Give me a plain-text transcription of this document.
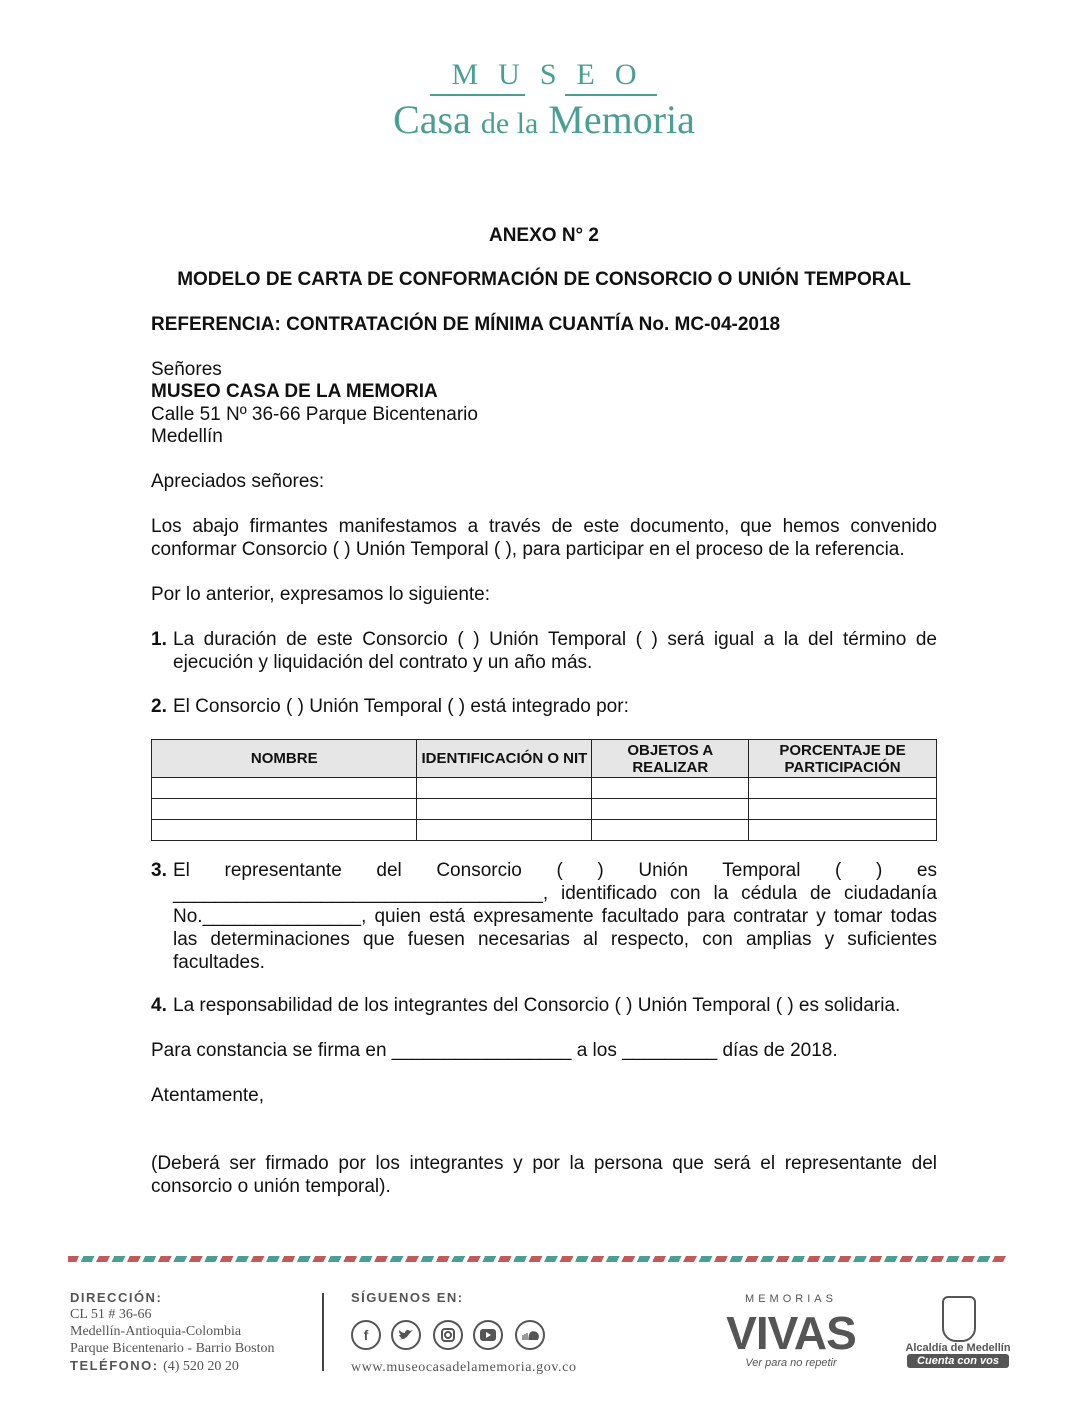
MUSEO
Casa de la Memoria
ANEXO N° 2
MODELO DE CARTA DE CONFORMACIÓN DE CONSORCIO O UNIÓN TEMPORAL
REFERENCIA: CONTRATACIÓN DE MÍNIMA CUANTÍA No. MC-04-2018
Señores
MUSEO CASA DE LA MEMORIA
Calle 51 Nº 36-66 Parque Bicentenario
Medellín
Apreciados señores:
Los abajo firmantes manifestamos a través de este documento, que hemos convenido conformar Consorcio ( ) Unión Temporal ( ), para participar en el proceso de la referencia.
Por lo anterior, expresamos lo siguiente:
1. La duración de este Consorcio ( ) Unión Temporal ( ) será igual a la del término de ejecución y liquidación del contrato y un año más.
2. El Consorcio ( ) Unión Temporal ( ) está integrado por:
NOMBRE	IDENTIFICACIÓN O NIT	OBJETOS A REALIZAR	PORCENTAJE DE PARTICIPACIÓN

3. El representante del Consorcio ( ) Unión Temporal ( ) es ___________________________________, identificado con la cédula de ciudadanía No._______________, quien está expresamente facultado para contratar y tomar todas las determinaciones que fuesen necesarias al respecto, con amplias y suficientes facultades.
4. La responsabilidad de los integrantes del Consorcio ( ) Unión Temporal ( ) es solidaria.
Para constancia se firma en _________________ a los _________ días de 2018.
Atentamente,
(Deberá ser firmado por los integrantes y por la persona que será el representante del consorcio o unión temporal).
DIRECCIÓN:
CL 51 # 36-66
Medellín-Antioquia-Colombia
Parque Bicentenario - Barrio Boston
TELÉFONO: (4) 520 20 20
SÍGUENOS EN:
f
www.museocasadelamemoria.gov.co
MEMORIAS
VIVAS
Ver para no repetir
Alcaldía de Medellín
Cuenta con vos
